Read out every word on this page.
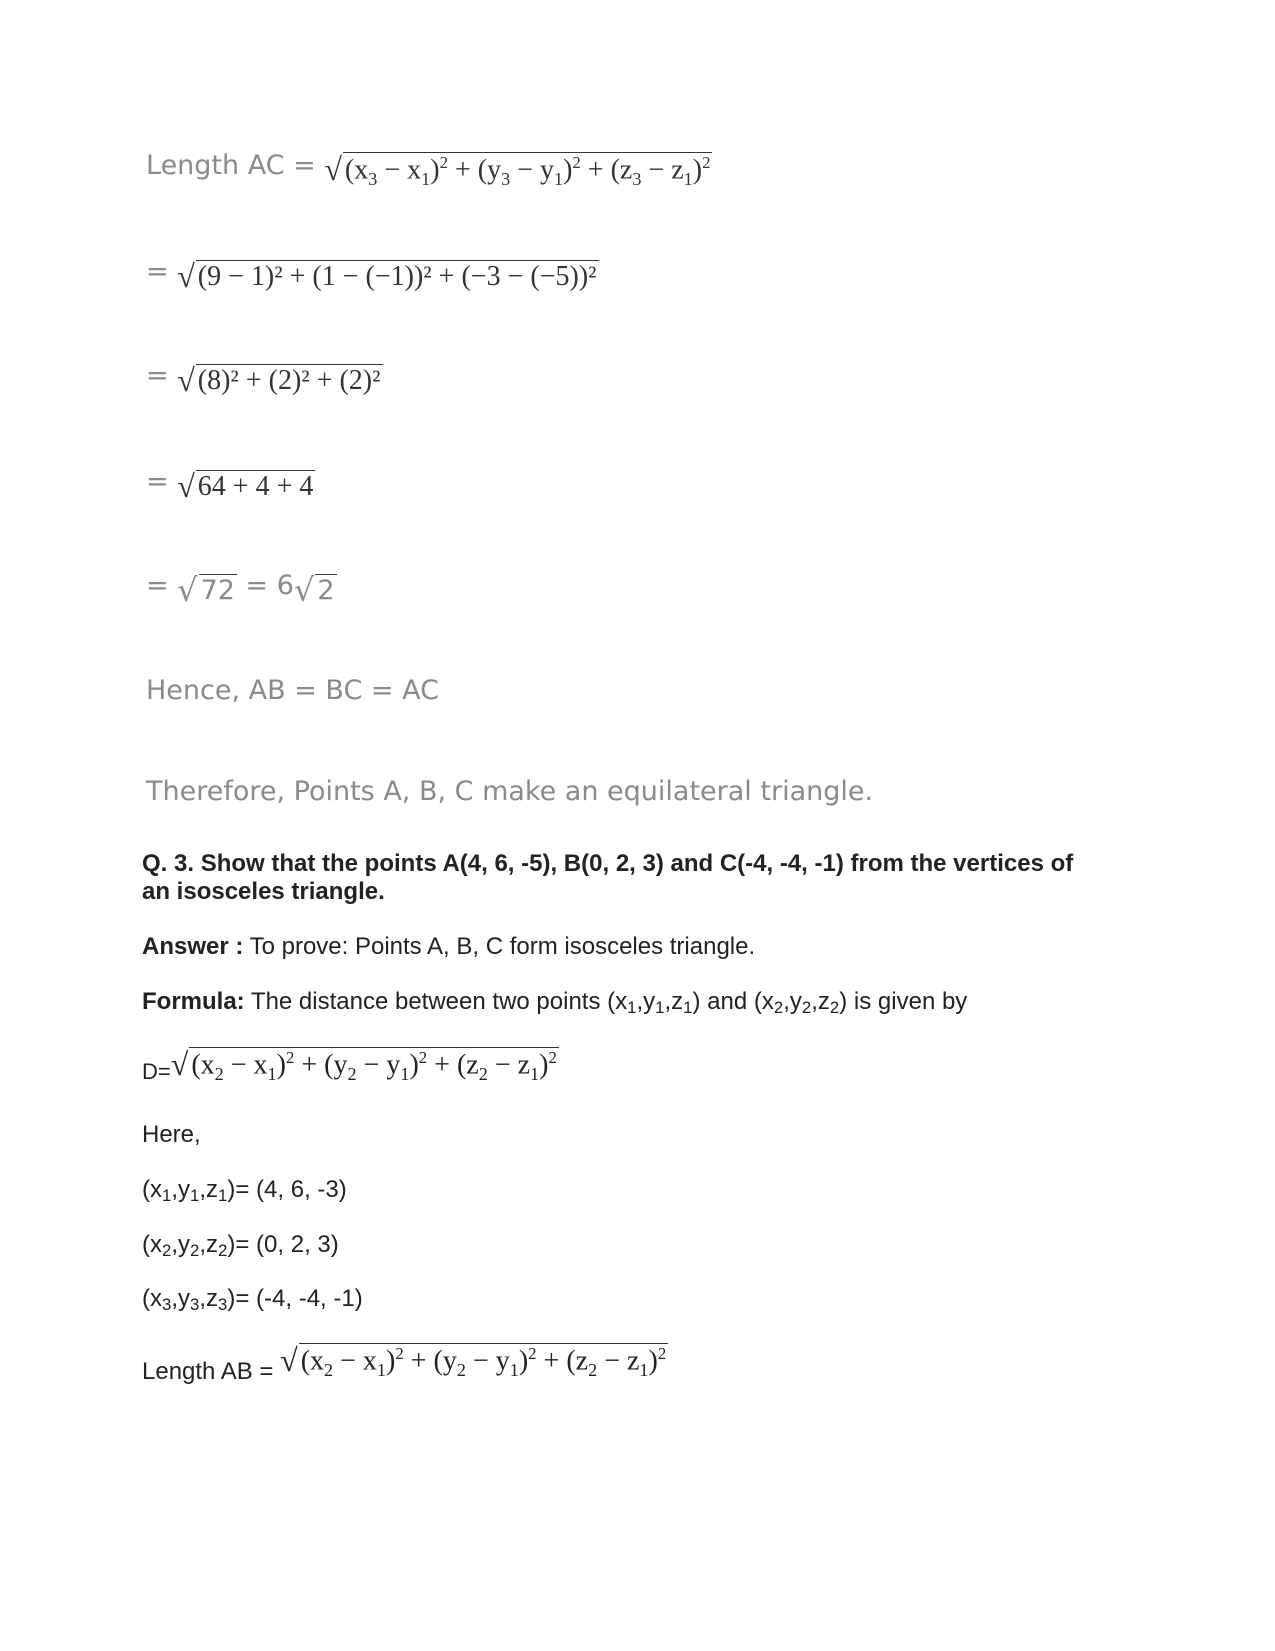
Length AC = √ $(x_3 - x_1)^2 + (y_3 - y_1)^2 + (z_3 - z_1)^2$
= √ (9 − 1)² + (1 − (−1))² + (−3 − (−5))²
= √ (8)² + (2)² + (2)²
= √ 64 + 4 + 4
= √ 72 = 6√ 2
Hence, AB = BC = AC
Therefore, Points A, B, C make an equilateral triangle.
Q. 3. Show that the points A(4, 6, -5), B(0, 2, 3) and C(-4, -4, -1) from the vertices of
an isosceles triangle.
Answer : To prove: Points A, B, C form isosceles triangle.
Formula: The distance between two points (x1,y1,z1) and (x2,y2,z2) is given by
D=√ $(x_2 - x_1)^2 + (y_2 - y_1)^2 + (z_2 - z_1)^2$
Here,
(x1,y1,z1)= (4, 6, -3)
(x2,y2,z2)= (0, 2, 3)
(x3,y3,z3)= (-4, -4, -1)
Length AB = √ $(x_2 - x_1)^2 + (y_2 - y_1)^2 + (z_2 - z_1)^2$
